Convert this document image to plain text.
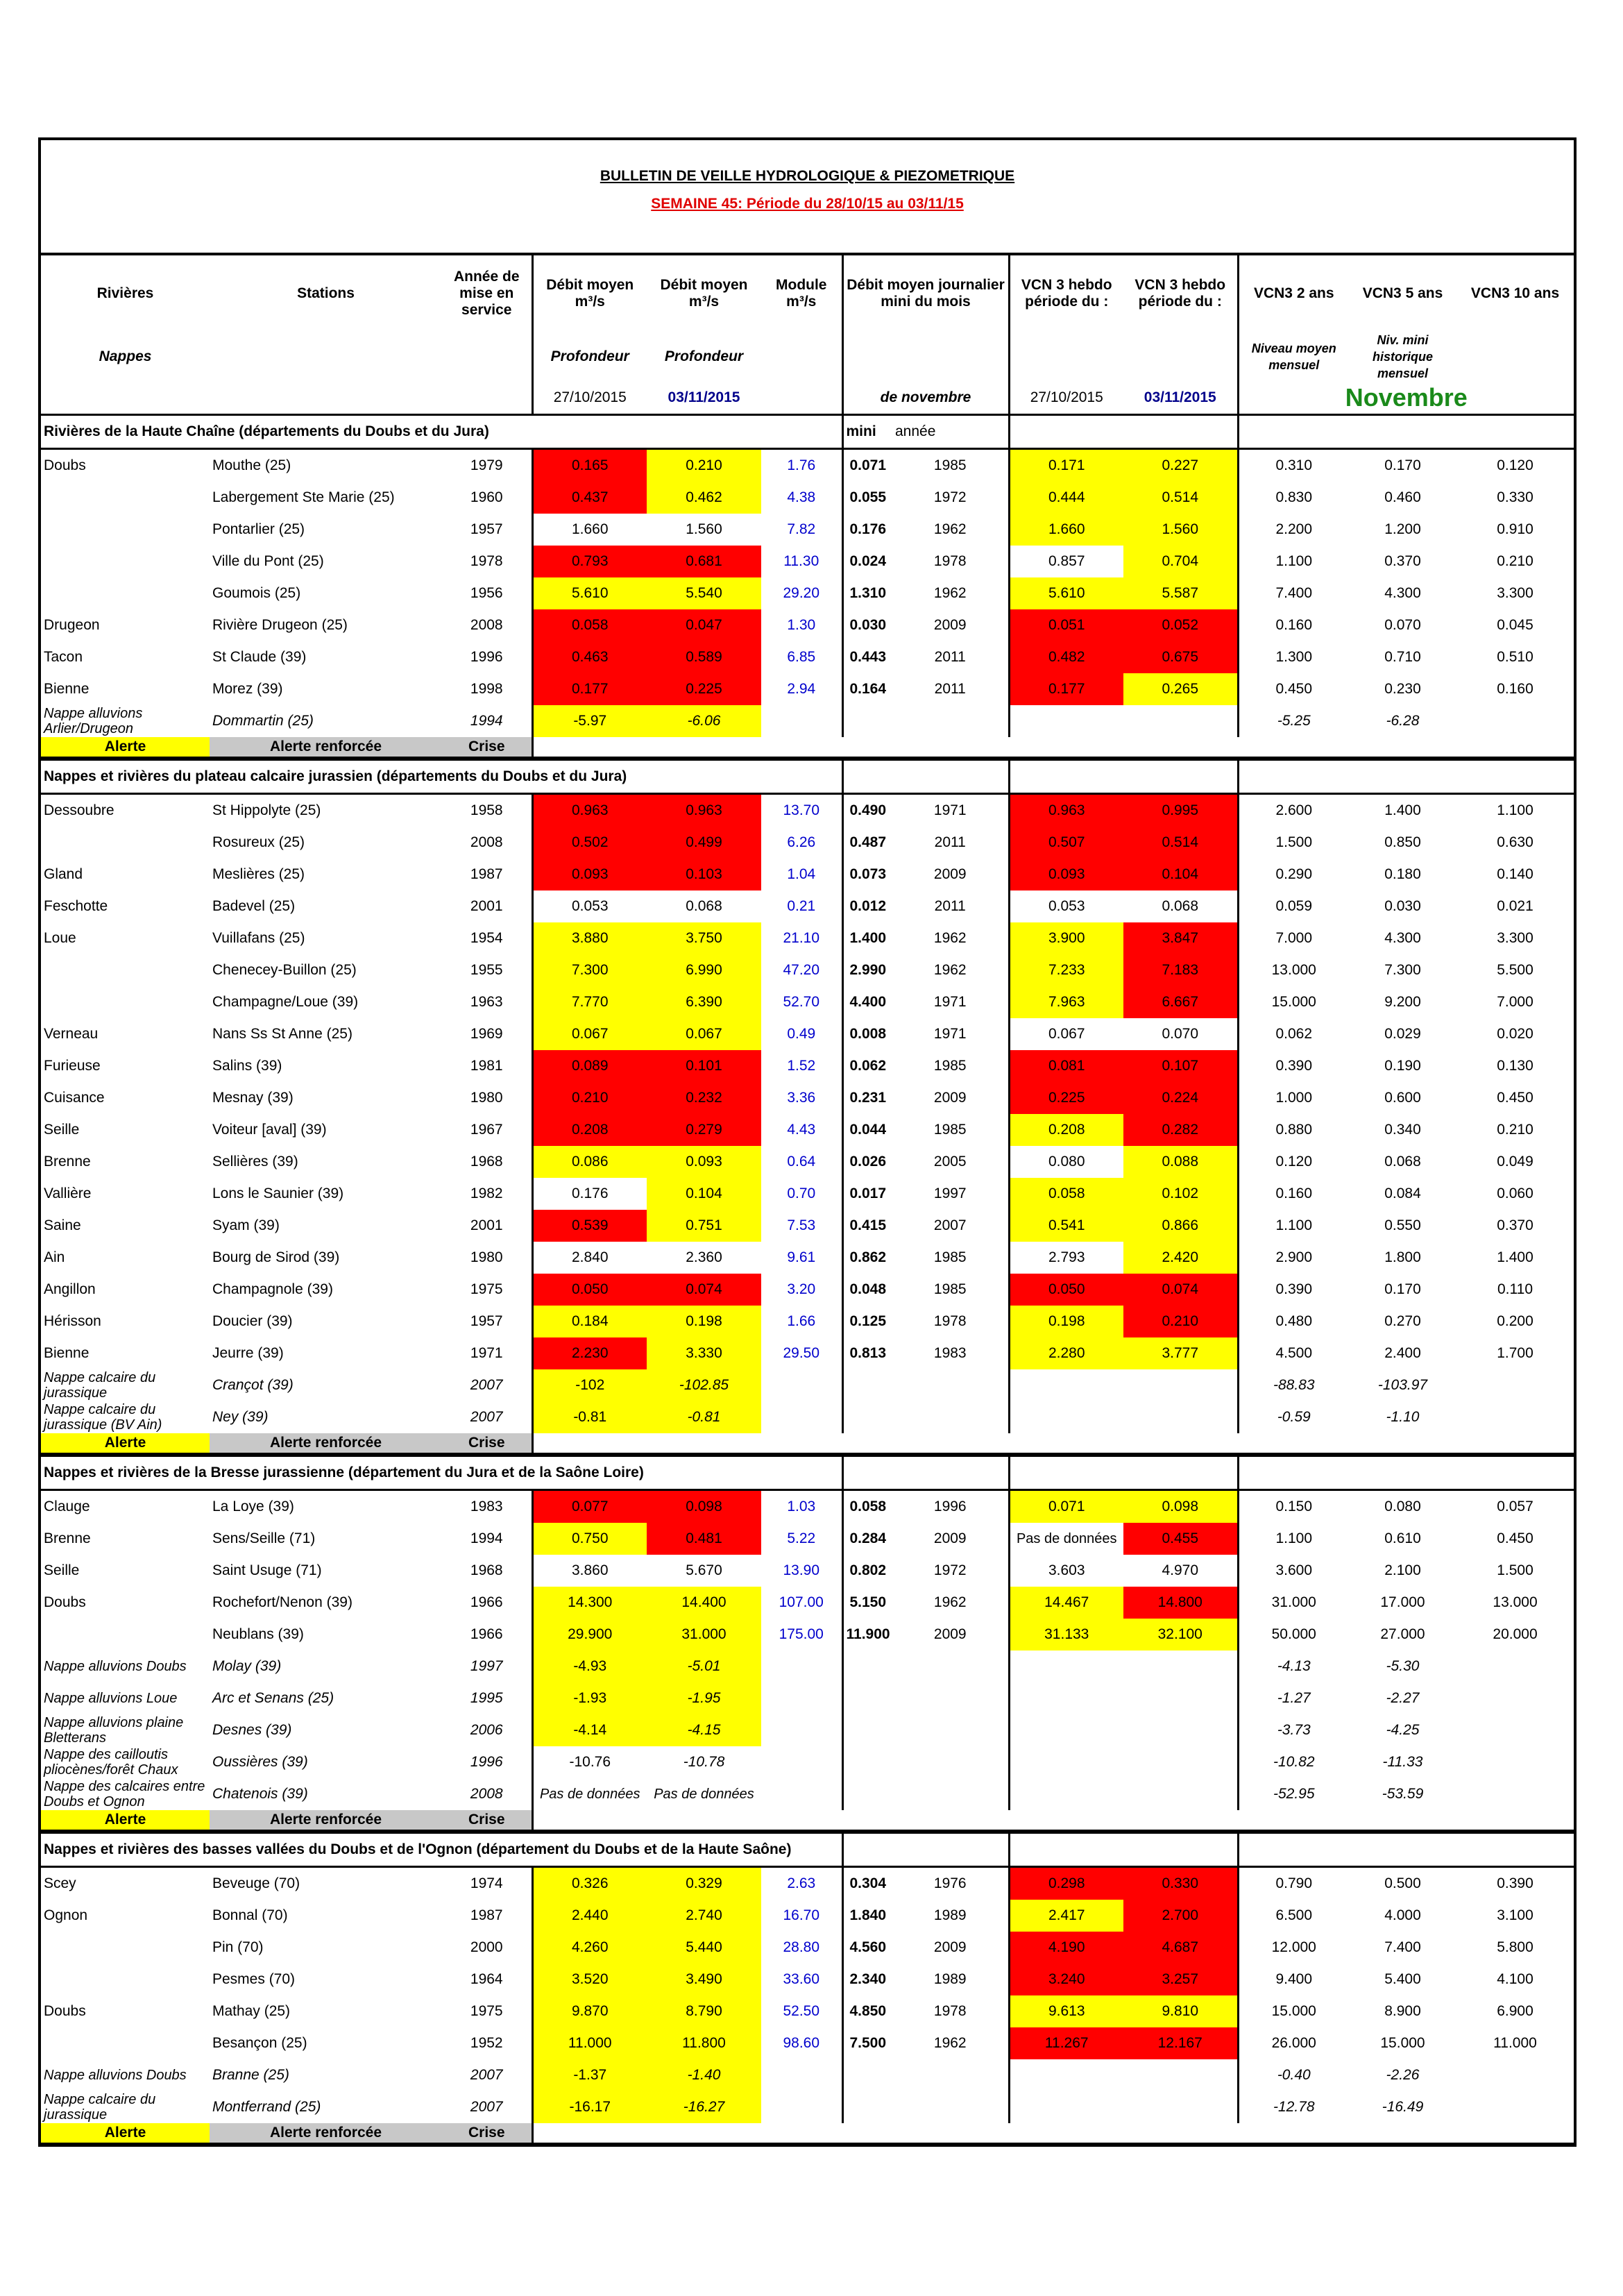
BULLETIN DE VEILLE HYDROLOGIQUE & PIEZOMETRIQUE												
SEMAINE 45: Période du 28/10/15 au 03/11/15												

Rivières	Stations	Année de mise en service	Débit moyen m³/s	Débit moyen m³/s	Module m³/s	Débit moyen journalier mini du mois		VCN 3 hebdo période du :	VCN 3 hebdo période du :	VCN3 2 ans	VCN3 5 ans	VCN3 10 ans
Nappes			Profondeur	Profondeur						Niveau moyen mensuel	Niv. mini historique mensuel	
			27/10/2015	03/11/2015		de novembre		27/10/2015	03/11/2015	Novembre		
Rivières de la Haute Chaîne (départements du Doubs et du Jura)						mini	année					
Doubs	Mouthe (25)	1979	0.165	0.210	1.76	0.071	1985	0.171	0.227	0.310	0.170	0.120
	Labergement Ste Marie (25)	1960	0.437	0.462	4.38	0.055	1972	0.444	0.514	0.830	0.460	0.330
	Pontarlier (25)	1957	1.660	1.560	7.82	0.176	1962	1.660	1.560	2.200	1.200	0.910
	Ville du Pont (25)	1978	0.793	0.681	11.30	0.024	1978	0.857	0.704	1.100	0.370	0.210
	Goumois (25)	1956	5.610	5.540	29.20	1.310	1962	5.610	5.587	7.400	4.300	3.300
Drugeon	Rivière Drugeon (25)	2008	0.058	0.047	1.30	0.030	2009	0.051	0.052	0.160	0.070	0.045
Tacon	St Claude (39)	1996	0.463	0.589	6.85	0.443	2011	0.482	0.675	1.300	0.710	0.510
Bienne	Morez (39)	1998	0.177	0.225	2.94	0.164	2011	0.177	0.265	0.450	0.230	0.160
Nappe alluvions Arlier/Drugeon	Dommartin (25)	1994	-5.97	-6.06						-5.25	-6.28	
Alerte	Alerte renforcée	Crise										
Nappes et rivières du plateau calcaire jurassien (départements du Doubs et du Jura)												
Dessoubre	St Hippolyte (25)	1958	0.963	0.963	13.70	0.490	1971	0.963	0.995	2.600	1.400	1.100
	Rosureux (25)	2008	0.502	0.499	6.26	0.487	2011	0.507	0.514	1.500	0.850	0.630
Gland	Meslières (25)	1987	0.093	0.103	1.04	0.073	2009	0.093	0.104	0.290	0.180	0.140
Feschotte	Badevel (25)	2001	0.053	0.068	0.21	0.012	2011	0.053	0.068	0.059	0.030	0.021
Loue	Vuillafans (25)	1954	3.880	3.750	21.10	1.400	1962	3.900	3.847	7.000	4.300	3.300
	Chenecey-Buillon (25)	1955	7.300	6.990	47.20	2.990	1962	7.233	7.183	13.000	7.300	5.500
	Champagne/Loue (39)	1963	7.770	6.390	52.70	4.400	1971	7.963	6.667	15.000	9.200	7.000
Verneau	Nans Ss St Anne (25)	1969	0.067	0.067	0.49	0.008	1971	0.067	0.070	0.062	0.029	0.020
Furieuse	Salins (39)	1981	0.089	0.101	1.52	0.062	1985	0.081	0.107	0.390	0.190	0.130
Cuisance	Mesnay (39)	1980	0.210	0.232	3.36	0.231	2009	0.225	0.224	1.000	0.600	0.450
Seille	Voiteur [aval] (39)	1967	0.208	0.279	4.43	0.044	1985	0.208	0.282	0.880	0.340	0.210
Brenne	Sellières (39)	1968	0.086	0.093	0.64	0.026	2005	0.080	0.088	0.120	0.068	0.049
Vallière	Lons le Saunier (39)	1982	0.176	0.104	0.70	0.017	1997	0.058	0.102	0.160	0.084	0.060
Saine	Syam (39)	2001	0.539	0.751	7.53	0.415	2007	0.541	0.866	1.100	0.550	0.370
Ain	Bourg de Sirod (39)	1980	2.840	2.360	9.61	0.862	1985	2.793	2.420	2.900	1.800	1.400
Angillon	Champagnole (39)	1975	0.050	0.074	3.20	0.048	1985	0.050	0.074	0.390	0.170	0.110
Hérisson	Doucier (39)	1957	0.184	0.198	1.66	0.125	1978	0.198	0.210	0.480	0.270	0.200
Bienne	Jeurre (39)	1971	2.230	3.330	29.50	0.813	1983	2.280	3.777	4.500	2.400	1.700
Nappe calcaire du jurassique	Crançot (39)	2007	-102	-102.85						-88.83	-103.97	
Nappe calcaire du jurassique (BV Ain)	Ney (39)	2007	-0.81	-0.81						-0.59	-1.10	
Alerte	Alerte renforcée	Crise										
Nappes et rivières de la Bresse jurassienne (département du Jura et de la Saône Loire)												
Clauge	La Loye (39)	1983	0.077	0.098	1.03	0.058	1996	0.071	0.098	0.150	0.080	0.057
Brenne	Sens/Seille (71)	1994	0.750	0.481	5.22	0.284	2009	Pas de données	0.455	1.100	0.610	0.450
Seille	Saint Usuge (71)	1968	3.860	5.670	13.90	0.802	1972	3.603	4.970	3.600	2.100	1.500
Doubs	Rochefort/Nenon (39)	1966	14.300	14.400	107.00	5.150	1962	14.467	14.800	31.000	17.000	13.000
	Neublans (39)	1966	29.900	31.000	175.00	11.900	2009	31.133	32.100	50.000	27.000	20.000
Nappe alluvions Doubs	Molay (39)	1997	-4.93	-5.01						-4.13	-5.30	
Nappe alluvions Loue	Arc et Senans (25)	1995	-1.93	-1.95						-1.27	-2.27	
Nappe alluvions plaine Bletterans	Desnes (39)	2006	-4.14	-4.15						-3.73	-4.25	
Nappe des cailloutis pliocènes/forêt Chaux	Oussières (39)	1996	-10.76	-10.78						-10.82	-11.33	
Nappe des calcaires entre Doubs et Ognon	Chatenois (39)	2008	Pas de données	Pas de données						-52.95	-53.59	
Alerte	Alerte renforcée	Crise										
Nappes et rivières des basses vallées du Doubs et de l'Ognon (département du Doubs et de la Haute Saône)												
Scey	Beveuge (70)	1974	0.326	0.329	2.63	0.304	1976	0.298	0.330	0.790	0.500	0.390
Ognon	Bonnal (70)	1987	2.440	2.740	16.70	1.840	1989	2.417	2.700	6.500	4.000	3.100
	Pin (70)	2000	4.260	5.440	28.80	4.560	2009	4.190	4.687	12.000	7.400	5.800
	Pesmes (70)	1964	3.520	3.490	33.60	2.340	1989	3.240	3.257	9.400	5.400	4.100
Doubs	Mathay (25)	1975	9.870	8.790	52.50	4.850	1978	9.613	9.810	15.000	8.900	6.900
	Besançon (25)	1952	11.000	11.800	98.60	7.500	1962	11.267	12.167	26.000	15.000	11.000
Nappe alluvions Doubs	Branne (25)	2007	-1.37	-1.40						-0.40	-2.26	
Nappe calcaire du jurassique	Montferrand (25)	2007	-16.17	-16.27						-12.78	-16.49	
Alerte	Alerte renforcée	Crise										
